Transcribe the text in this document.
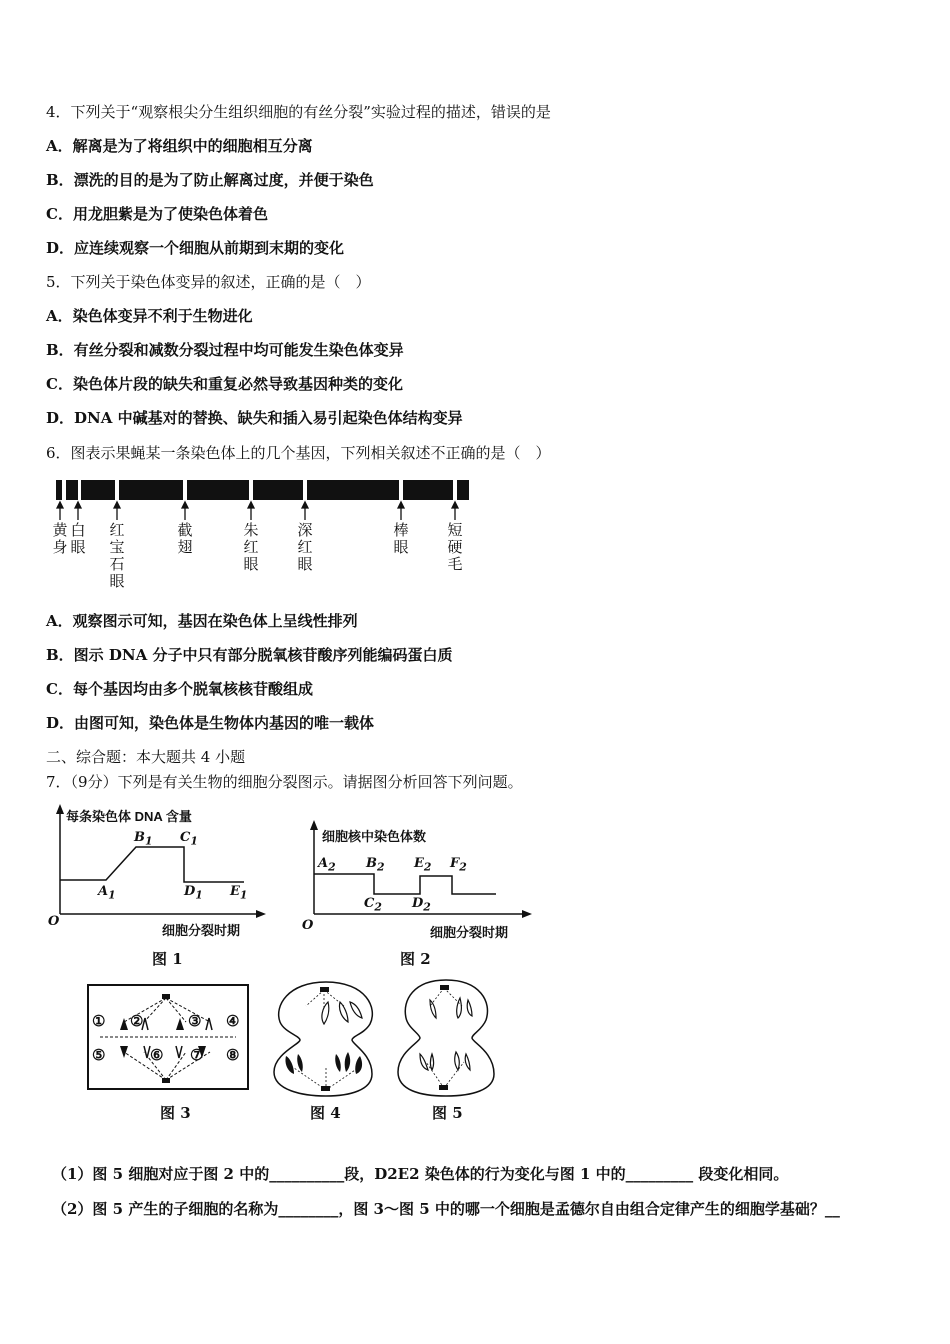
4．下列关于“观察根尖分生组织细胞的有丝分裂”实验过程的描述，错误的是
A．解离是为了将组织中的细胞相互分离
B．漂洗的目的是为了防止解离过度，并便于染色
C．用龙胆紫是为了使染色体着色
D．应连续观察一个细胞从前期到末期的变化
5．下列关于染色体变异的叙述，正确的是（　）
A．染色体变异不利于生物进化
B．有丝分裂和减数分裂过程中均可能发生染色体变异
C．染色体片段的缺失和重复必然导致基因种类的变化
D．DNA 中碱基对的替换、缺失和插入易引起染色体结构变异
6．图表示果蝇某一条染色体上的几个基因，下列相关叙述不正确的是（　）
黄身
白眼
红宝石眼
截翅
朱红眼
深红眼
棒眼
短硬毛
A．观察图示可知，基因在染色体上呈线性排列
B．图示 DNA 分子中只有部分脱氧核苷酸序列能编码蛋白质
C．每个基因均由多个脱氧核核苷酸组成
D．由图可知，染色体是生物体内基因的唯一载体
二、综合题：本大题共 4 小题
7．（9分）下列是有关生物的细胞分裂图示。请据图分析回答下列问题。
每条染色体 DNA 含量
O
$A_1$
$B_1$ $C_1$
$D_1$ $E_1$
细胞分裂时期
图 1
细胞核中染色体数
O
$A_2$ $B_2$
$C_2$ $D_2$
$E_2$ $F_2$
细胞分裂时期
图 2
① ②	③ ④
⑤	⑥ ⑦ ⑧
图 3	图 4	图 5
（1）图 5 细胞对应于图 2 中的__________段，D2E2 染色体的行为变化与图 1 中的_________ 段变化相同。
（2）图 5 产生的子细胞的名称为________，图 3～图 5 中的哪一个细胞是孟德尔自由组合定律产生的细胞学基础？__
